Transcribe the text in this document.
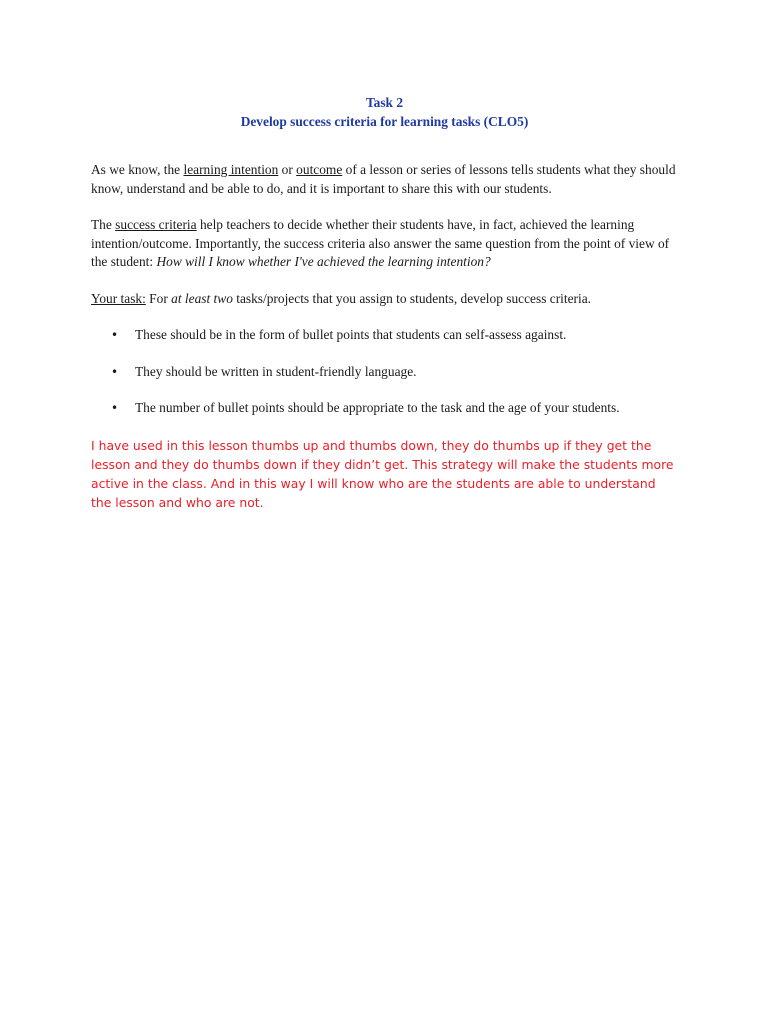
Task 2
Develop success criteria for learning tasks (CLO5)

As we know, the learning intention or outcome of a lesson or series of lessons tells students what they should know, understand and be able to do, and it is important to share this with our students.

The success criteria help teachers to decide whether their students have, in fact, achieved the learning intention/outcome. Importantly, the success criteria also answer the same question from the point of view of the student: How will I know whether I've achieved the learning intention?

Your task: For at least two tasks/projects that you assign to students, develop success criteria.

• These should be in the form of bullet points that students can self-assess against.
• They should be written in student-friendly language.
• The number of bullet points should be appropriate to the task and the age of your students.

I have used in this lesson thumbs up and thumbs down, they do thumbs up if they get the lesson and they do thumbs down if they didn’t get. This strategy will make the students more active in the class. And in this way I will know who are the students are able to understand the lesson and who are not.
